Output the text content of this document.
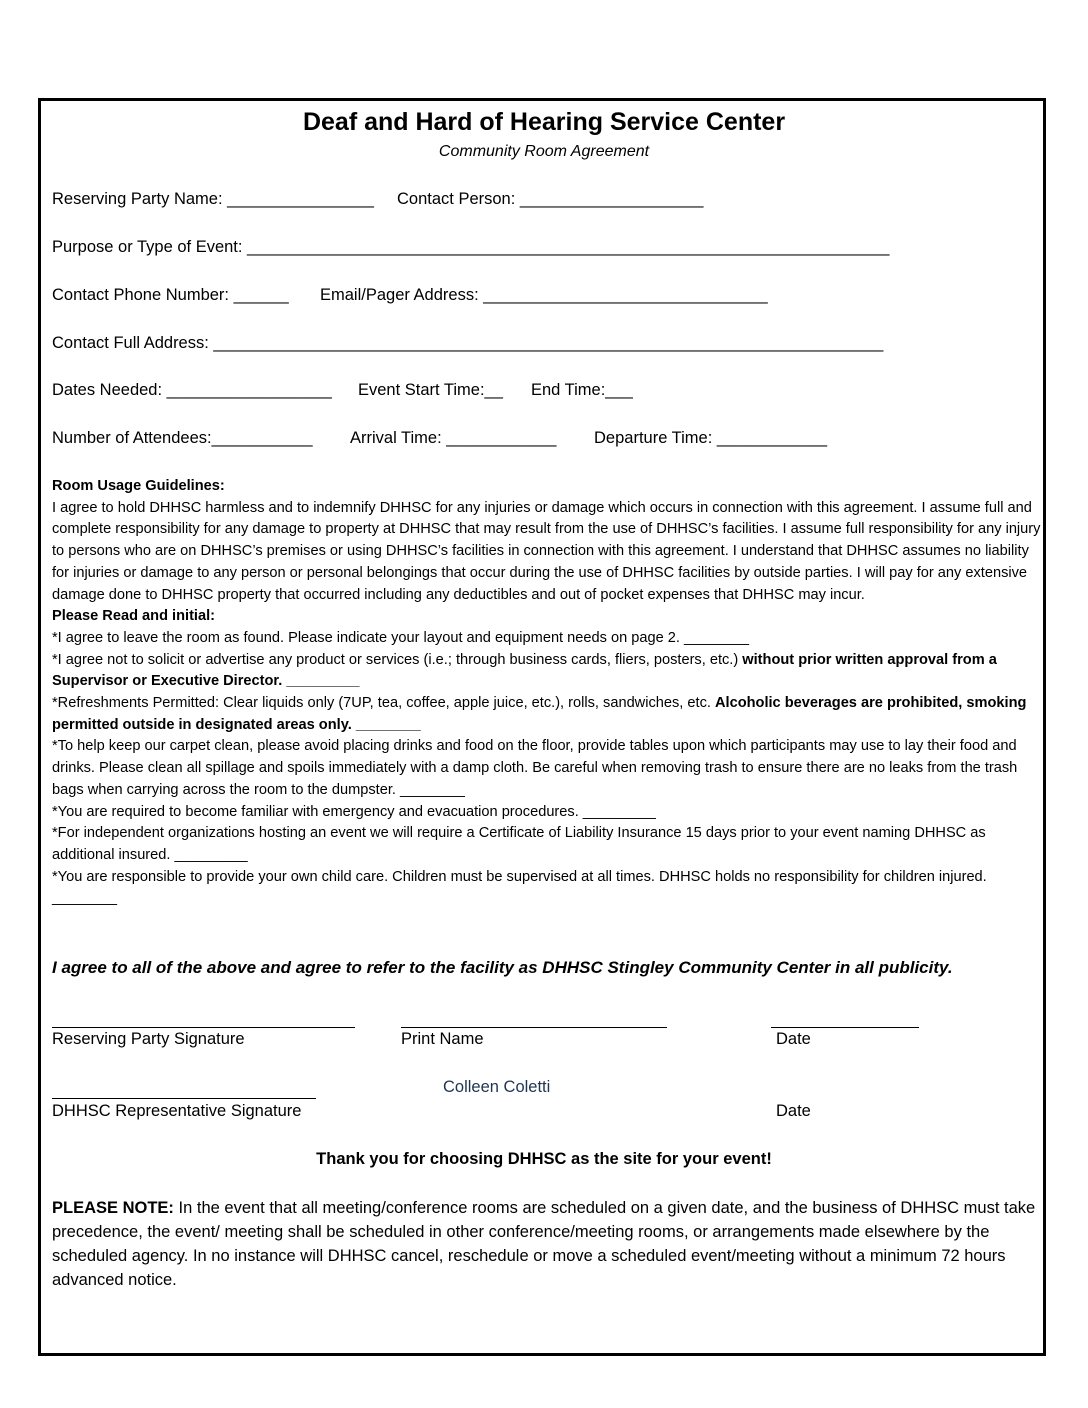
Deaf and Hard of Hearing Service Center
Community Room Agreement
Reserving Party Name: ________________ Contact Person: ____________________
Purpose or Type of Event: ______________________________________________________________________
Contact Phone Number: ______ Email/Pager Address: _______________________________
Contact Full Address: _________________________________________________________________________
Dates Needed: __________________ Event Start Time:__ End Time:___
Number of Attendees:___________ Arrival Time: ____________ Departure Time: ____________

Room Usage Guidelines:

I agree to hold DHHSC harmless and to indemnify DHHSC for any injuries or damage which occurs in connection with this agreement. I assume full and complete responsibility for any damage to property at DHHSC that may result from the use of DHHSC’s facilities. I assume full responsibility for any injury to persons who are on DHHSC’s premises or using DHHSC’s facilities in connection with this agreement. I understand that DHHSC assumes no liability for injuries or damage to any person or personal belongings that occur during the use of DHHSC facilities by outside parties. I will pay for any extensive damage done to DHHSC property that occurred including any deductibles and out of pocket expenses that DHHSC may incur.

Please Read and initial:

*I agree to leave the room as found. Please indicate your layout and equipment needs on page 2. ________

*I agree not to solicit or advertise any product or services (i.e.; through business cards, fliers, posters, etc.) without prior written approval from a Supervisor or Executive Director. _________

*Refreshments Permitted: Clear liquids only (7UP, tea, coffee, apple juice, etc.), rolls, sandwiches, etc. Alcoholic beverages are prohibited, smoking permitted outside in designated areas only. ________

*To help keep our carpet clean, please avoid placing drinks and food on the floor, provide tables upon which participants may use to lay their food and drinks. Please clean all spillage and spoils immediately with a damp cloth. Be careful when removing trash to ensure there are no leaks from the trash bags when carrying across the room to the dumpster. ________

*You are required to become familiar with emergency and evacuation procedures. _________

*For independent organizations hosting an event we will require a Certificate of Liability Insurance 15 days prior to your event naming DHHSC as additional insured. _________

*You are responsible to provide your own child care. Children must be supervised at all times. DHHSC holds no responsibility for children injured. ________

I agree to all of the above and agree to refer to the facility as DHHSC Stingley Community Center in all publicity.
Reserving Party Signature	Print Name	Date
Colleen Coletti
DHHSC Representative Signature	Date
Thank you for choosing DHHSC as the site for your event!
PLEASE NOTE: In the event that all meeting/conference rooms are scheduled on a given date, and the business of DHHSC must take precedence, the event/ meeting shall be scheduled in other conference/meeting rooms, or arrangements made elsewhere by the scheduled agency. In no instance will DHHSC cancel, reschedule or move a scheduled event/meeting without a minimum 72 hours advanced notice.
